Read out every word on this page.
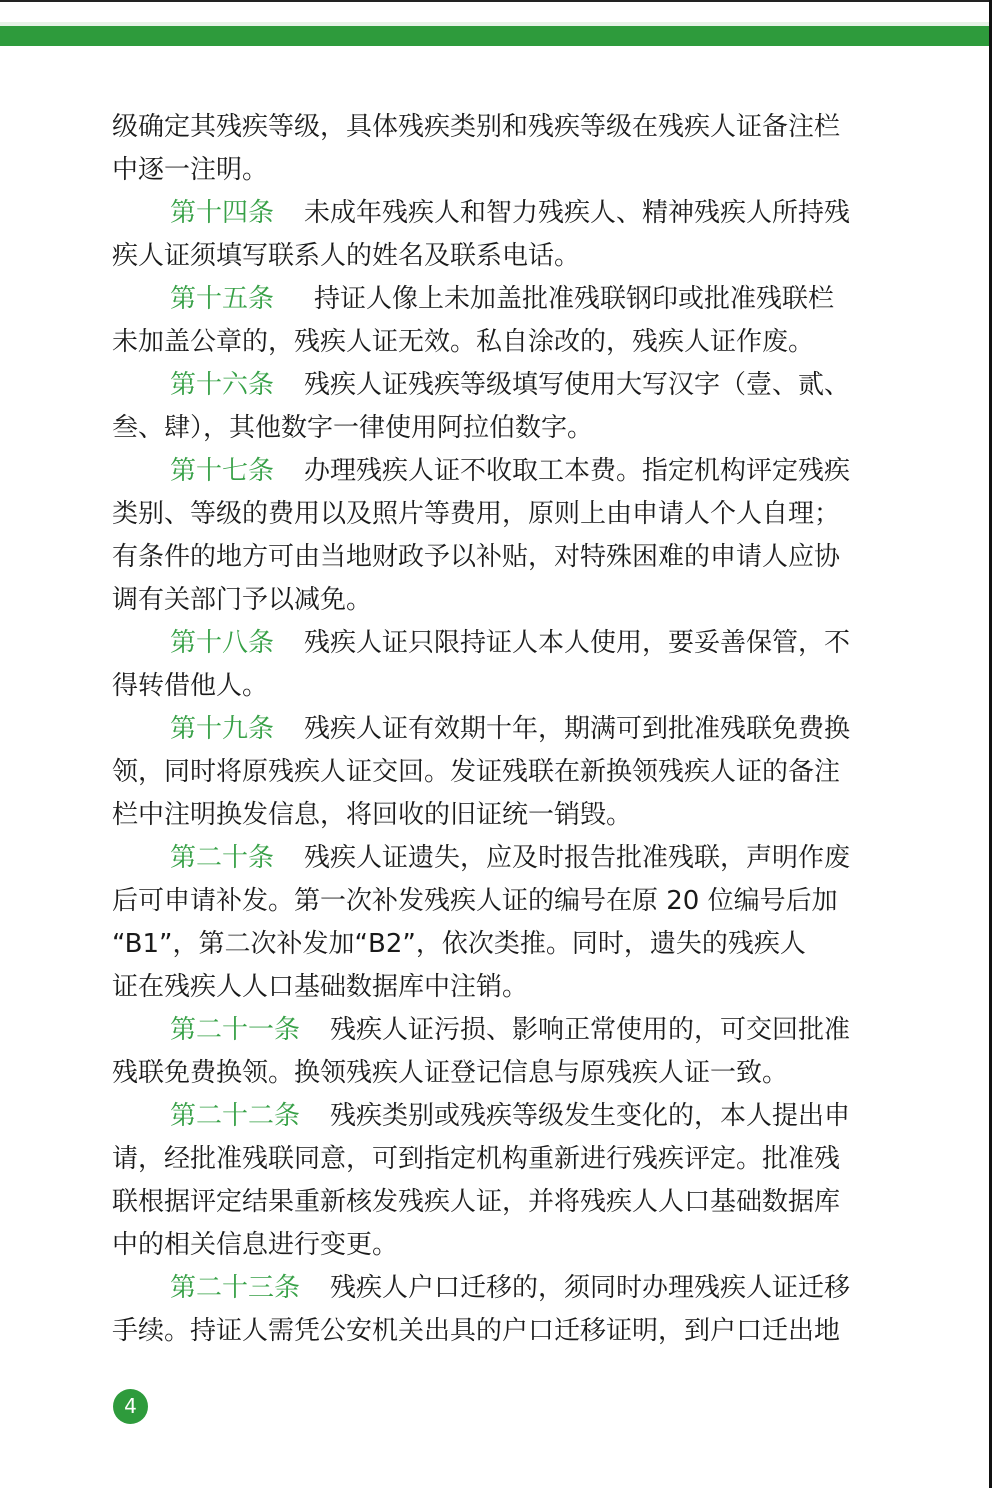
级确定其残疾等级，具体残疾类别和残疾等级在残疾人证备注栏
中逐一注明。
第十四条 未成年残疾人和智力残疾人、精神残疾人所持残
疾人证须填写联系人的姓名及联系电话。
第十五条 持证人像上未加盖批准残联钢印或批准残联栏
未加盖公章的，残疾人证无效。私自涂改的，残疾人证作废。
第十六条 残疾人证残疾等级填写使用大写汉字（壹、贰、
叁、肆），其他数字一律使用阿拉伯数字。
第十七条 办理残疾人证不收取工本费。指定机构评定残疾
类别、等级的费用以及照片等费用，原则上由申请人个人自理；
有条件的地方可由当地财政予以补贴，对特殊困难的申请人应协
调有关部门予以减免。
第十八条 残疾人证只限持证人本人使用，要妥善保管，不
得转借他人。
第十九条 残疾人证有效期十年，期满可到批准残联免费换
领，同时将原残疾人证交回。发证残联在新换领残疾人证的备注
栏中注明换发信息，将回收的旧证统一销毁。
第二十条 残疾人证遗失，应及时报告批准残联，声明作废
后可申请补发。第一次补发残疾人证的编号在原 20 位编号后加
“B1”，第二次补发加“B2”，依次类推。同时，遗失的残疾人
证在残疾人人口基础数据库中注销。
第二十一条 残疾人证污损、影响正常使用的，可交回批准
残联免费换领。换领残疾人证登记信息与原残疾人证一致。
第二十二条 残疾类别或残疾等级发生变化的，本人提出申
请，经批准残联同意，可到指定机构重新进行残疾评定。批准残
联根据评定结果重新核发残疾人证，并将残疾人人口基础数据库
中的相关信息进行变更。
第二十三条 残疾人户口迁移的，须同时办理残疾人证迁移
手续。持证人需凭公安机关出具的户口迁移证明，到户口迁出地
4
